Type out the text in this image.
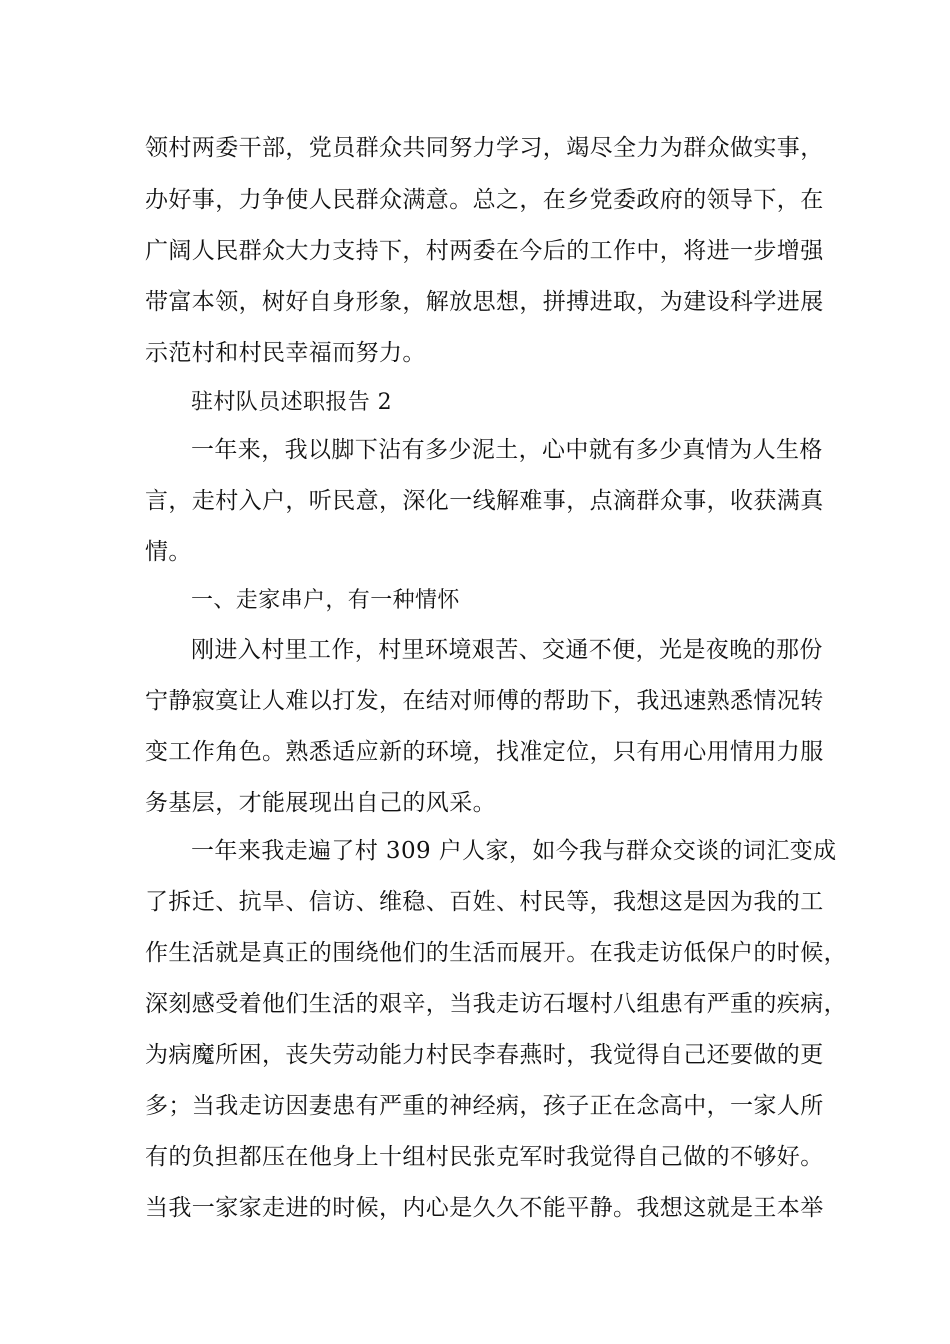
领村两委干部，党员群众共同努力学习，竭尽全力为群众做实事，
办好事，力争使人民群众满意。总之，在乡党委政府的领导下，在
广阔人民群众大力支持下，村两委在今后的工作中，将进一步增强
带富本领，树好自身形象，解放思想，拼搏进取，为建设科学进展
示范村和村民幸福而努力。
驻村队员述职报告 2
一年来，我以脚下沾有多少泥土，心中就有多少真情为人生格
言，走村入户，听民意，深化一线解难事，点滴群众事，收获满真
情。
一、走家串户，有一种情怀
刚进入村里工作，村里环境艰苦、交通不便，光是夜晚的那份
宁静寂寞让人难以打发，在结对师傅的帮助下，我迅速熟悉情况转
变工作角色。熟悉适应新的环境，找准定位，只有用心用情用力服
务基层，才能展现出自己的风采。
一年来我走遍了村 309 户人家，如今我与群众交谈的词汇变成
了拆迁、抗旱、信访、维稳、百姓、村民等，我想这是因为我的工
作生活就是真正的围绕他们的生活而展开。在我走访低保户的时候，
深刻感受着他们生活的艰辛，当我走访石堰村八组患有严重的疾病，
为病魔所困，丧失劳动能力村民李春燕时，我觉得自己还要做的更
多；当我走访因妻患有严重的神经病，孩子正在念高中，一家人所
有的负担都压在他身上十组村民张克军时我觉得自己做的不够好。
当我一家家走进的时候，内心是久久不能平静。我想这就是王本举
